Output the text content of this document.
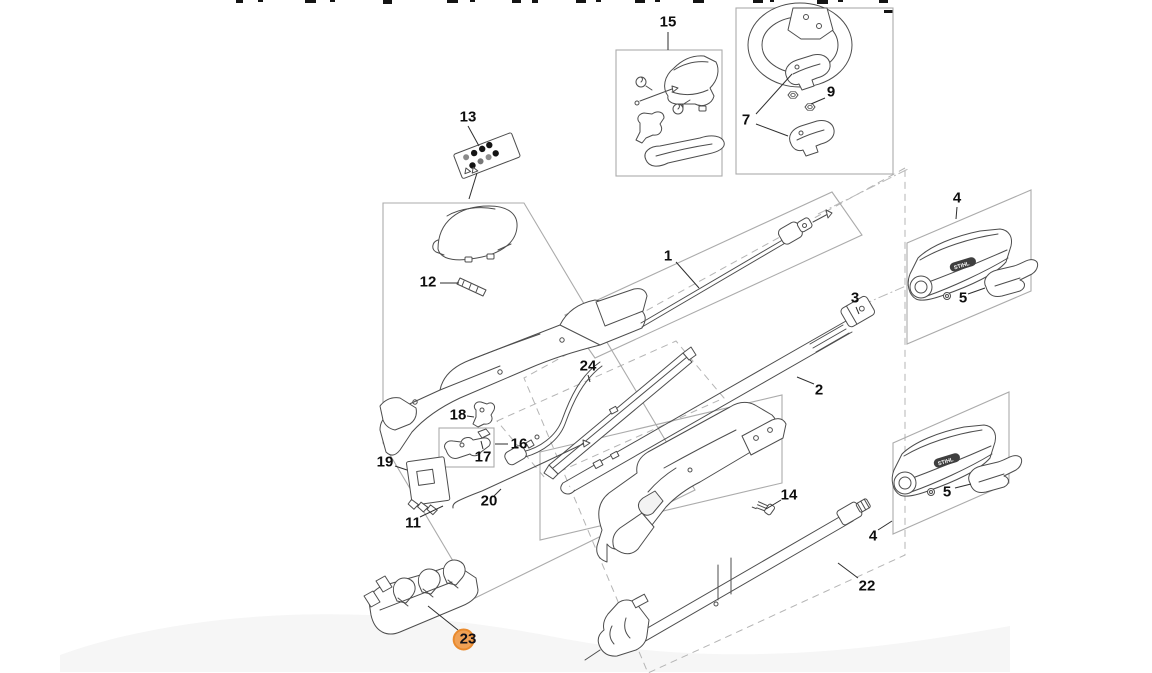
STIHL
13
15
7
9
1
4
5
3
2
12
24
18
16
17
19
20
11
14	5
4
22
23
